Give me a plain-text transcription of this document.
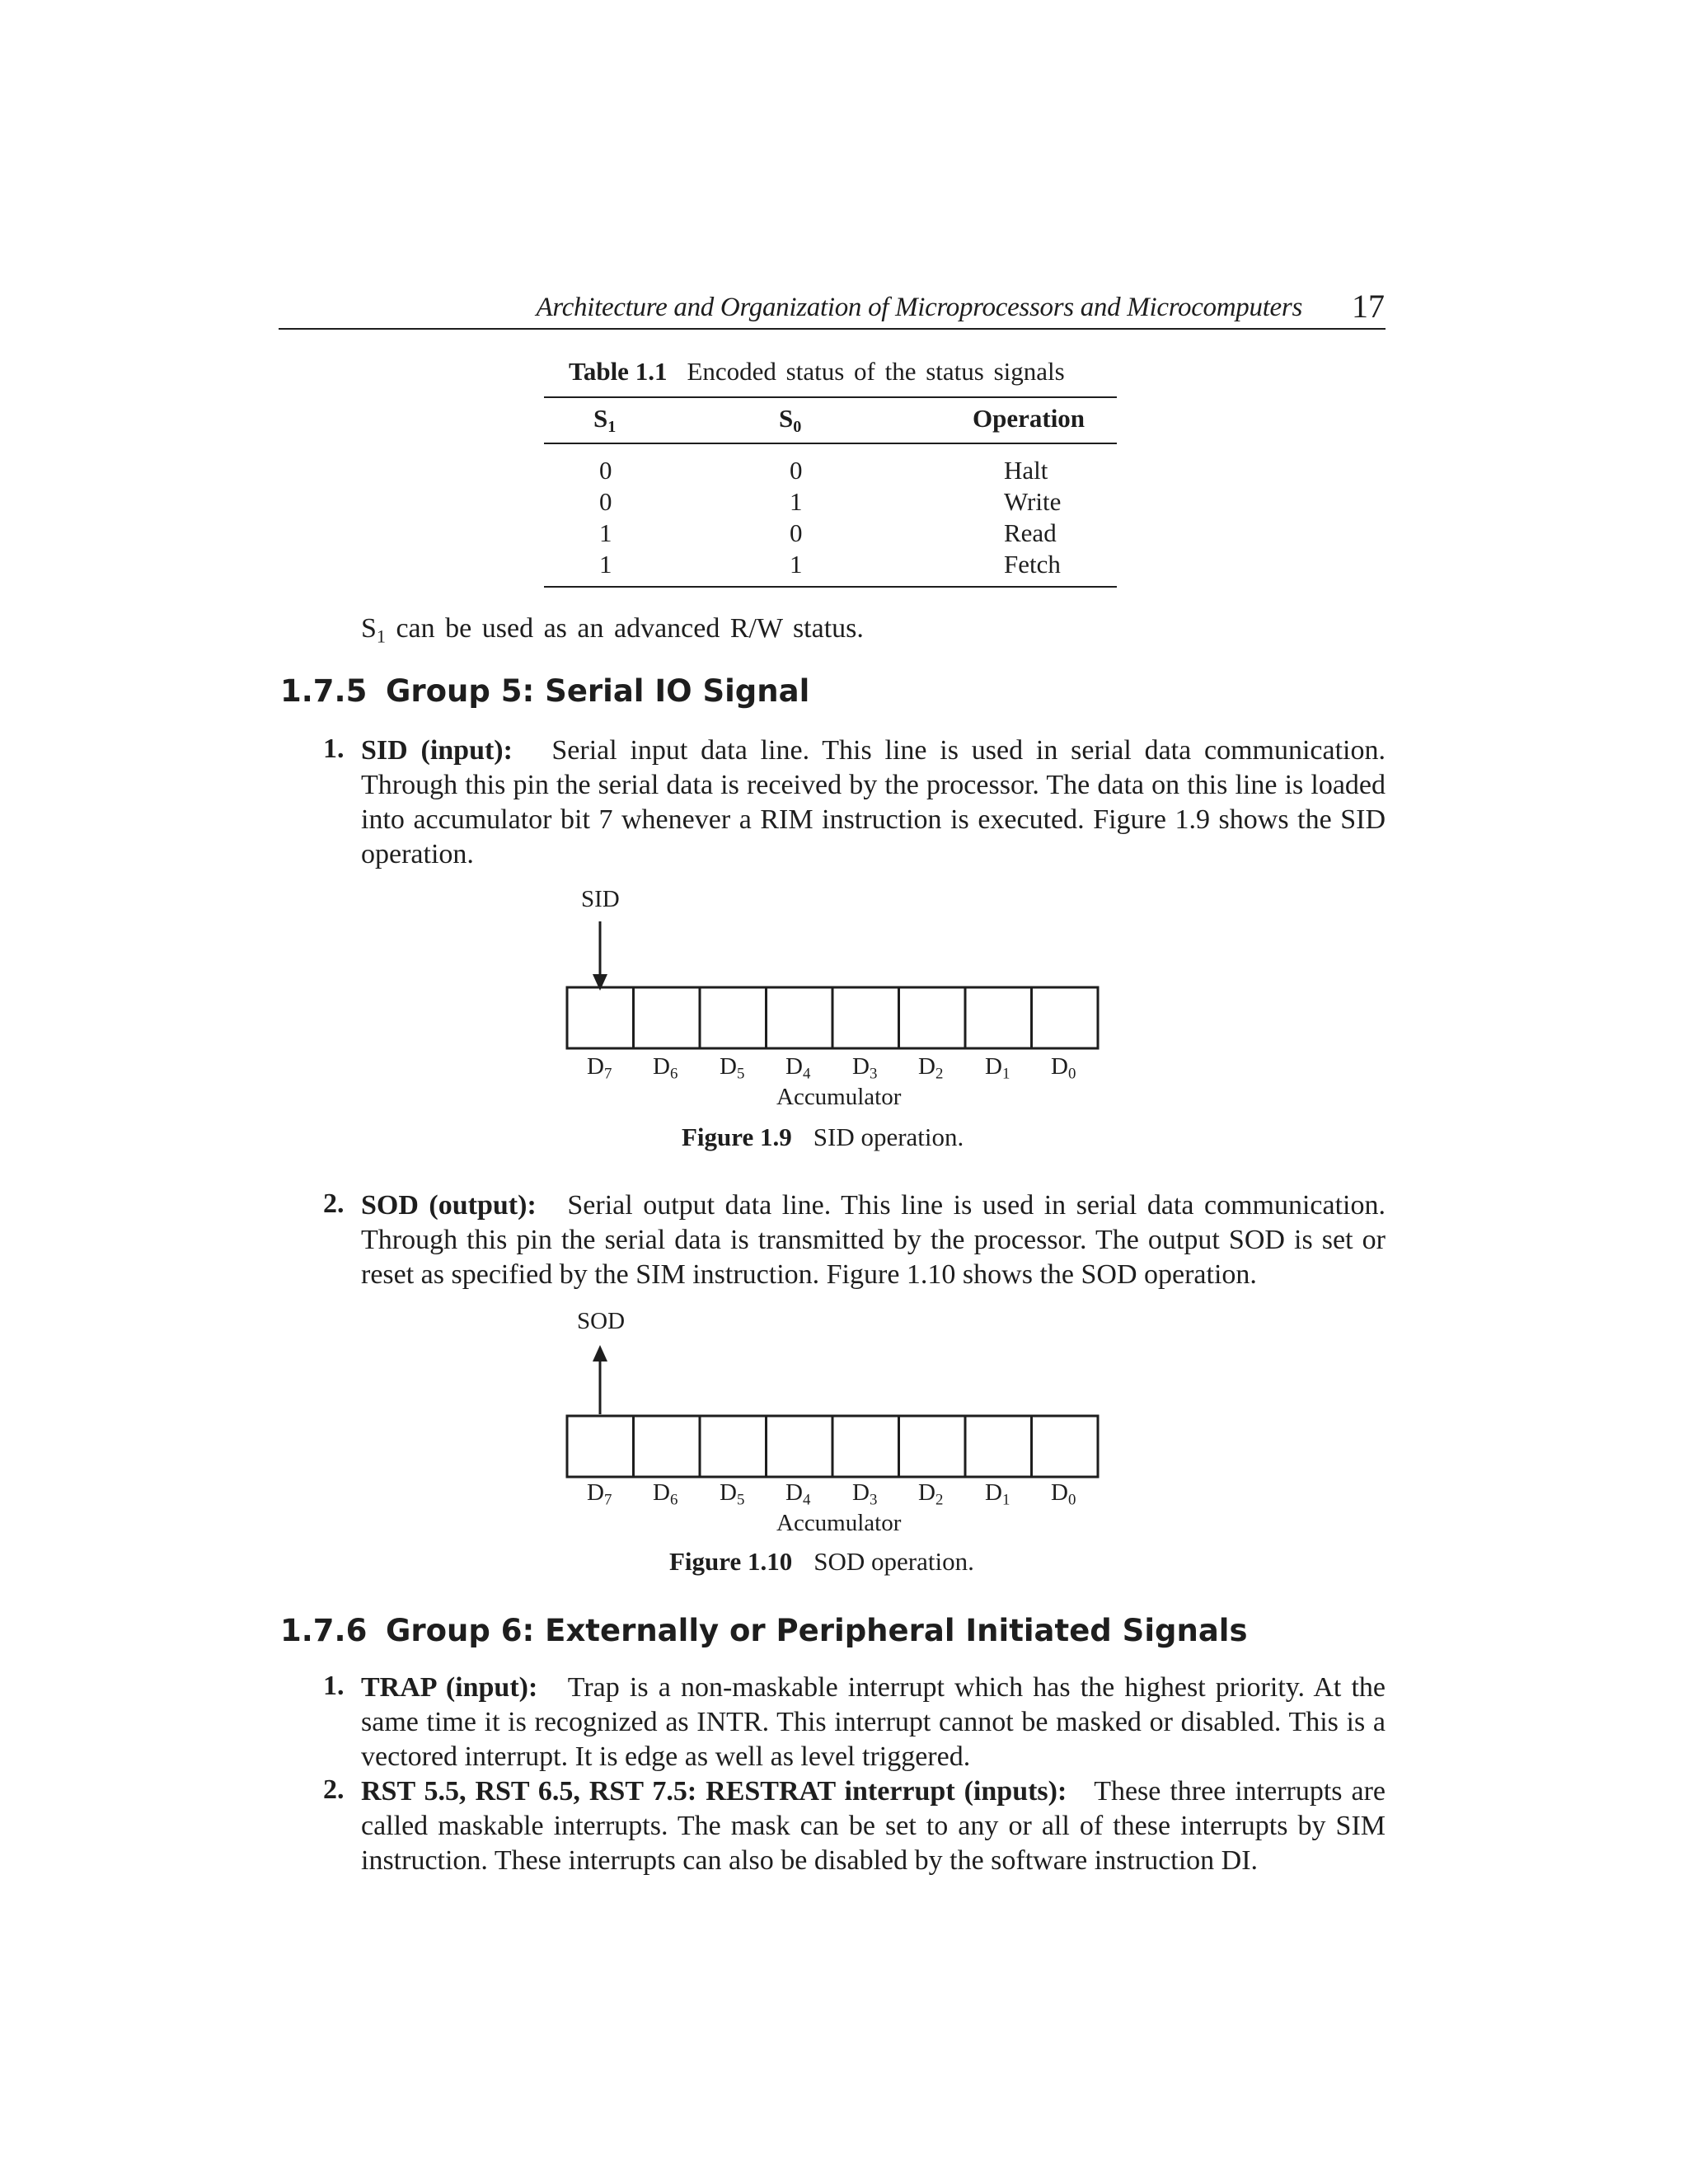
Architecture and Organization of Microprocessors and Microcomputers 17
Table 1.1 Encoded status of the status signals
$S_1$	$S_0$	Operation
0	0	Halt
0	1	Write
1	0	Read
1	1	Fetch
$S_1$ can be used as an advanced R/W status.
1.7.5 Group 5: Serial IO Signal
1. SID (input): Serial input data line. This line is used in serial data communication. Through this pin the serial data is received by the processor. The data on this line is loaded into accumulator bit 7 whenever a RIM instruction is executed. Figure 1.9 shows the SID operation.
SID
$D_7$ $D_6$ $D_5$ $D_4$ $D_3$ $D_2$ $D_1$ $D_0$
Accumulator
Figure 1.9 SID operation.
2. SOD (output): Serial output data line. This line is used in serial data communication. Through this pin the serial data is transmitted by the processor. The output SOD is set or reset as specified by the SIM instruction. Figure 1.10 shows the SOD operation.
SOD
$D_7$ $D_6$ $D_5$ $D_4$ $D_3$ $D_2$ $D_1$ $D_0$
Accumulator
Figure 1.10 SOD operation.
1.7.6 Group 6: Externally or Peripheral Initiated Signals
1. TRAP (input): Trap is a non-maskable interrupt which has the highest priority. At the same time it is recognized as INTR. This interrupt cannot be masked or disabled. This is a vectored interrupt. It is edge as well as level triggered.
2. RST 5.5, RST 6.5, RST 7.5: RESTRAT interrupt (inputs): These three interrupts are called maskable interrupts. The mask can be set to any or all of these interrupts by SIM instruction. These interrupts can also be disabled by the software instruction DI.
